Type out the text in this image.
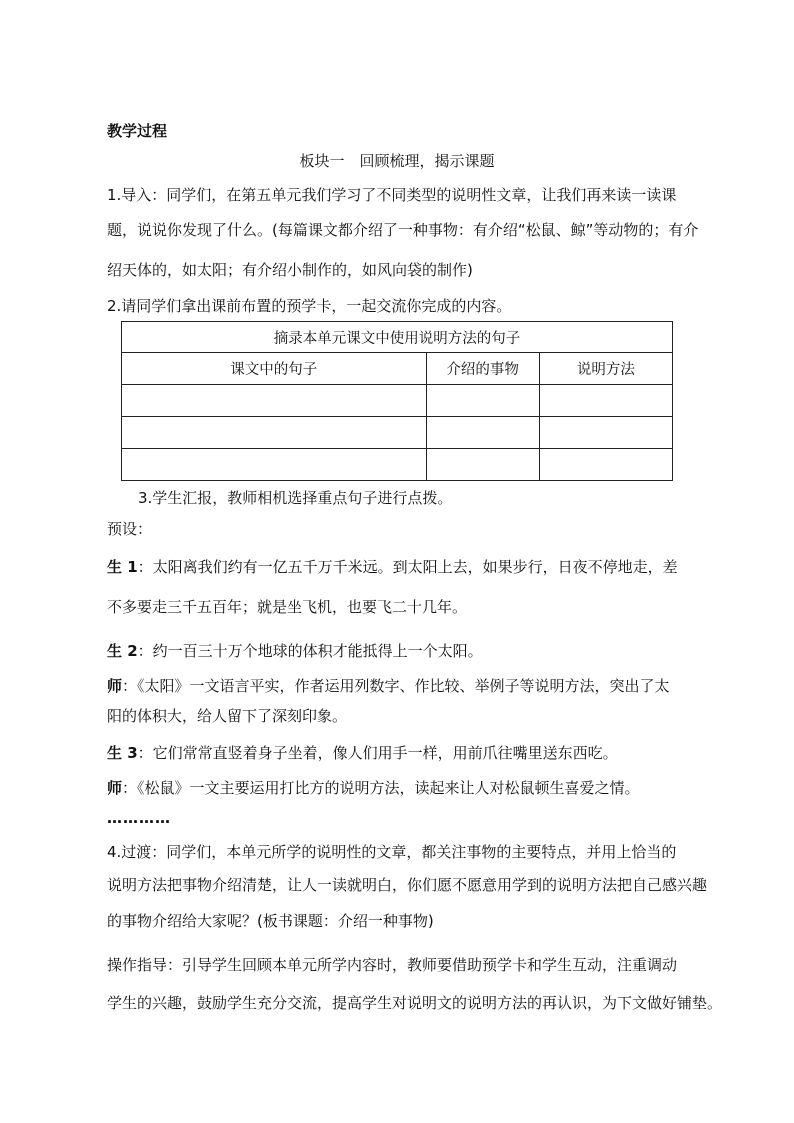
教学过程
板块一　回顾梳理，揭示课题
1.导入：同学们，在第五单元我们学习了不同类型的说明性文章，让我们再来读一读课
题，说说你发现了什么。(每篇课文都介绍了一种事物：有介绍“松鼠、鲸”等动物的；有介
绍天体的，如太阳；有介绍小制作的，如风向袋的制作)
2.请同学们拿出课前布置的预学卡，一起交流你完成的内容。
摘录本单元课文中使用说明方法的句子		
课文中的句子	介绍的事物	说明方法

3.学生汇报，教师相机选择重点句子进行点拨。
预设：
生 1：太阳离我们约有一亿五千万千米远。到太阳上去，如果步行，日夜不停地走，差
不多要走三千五百年；就是坐飞机，也要飞二十几年。
生 2：约一百三十万个地球的体积才能抵得上一个太阳。
师：《太阳》一文语言平实，作者运用列数字、作比较、举例子等说明方法，突出了太
阳的体积大，给人留下了深刻印象。
生 3：它们常常直竖着身子坐着，像人们用手一样，用前爪往嘴里送东西吃。
师：《松鼠》一文主要运用打比方的说明方法，读起来让人对松鼠顿生喜爱之情。
…………
4.过渡：同学们，本单元所学的说明性的文章，都关注事物的主要特点，并用上恰当的
说明方法把事物介绍清楚，让人一读就明白，你们愿不愿意用学到的说明方法把自己感兴趣
的事物介绍给大家呢？(板书课题：介绍一种事物)
操作指导：引导学生回顾本单元所学内容时，教师要借助预学卡和学生互动，注重调动
学生的兴趣，鼓励学生充分交流，提高学生对说明文的说明方法的再认识，为下文做好铺垫。
